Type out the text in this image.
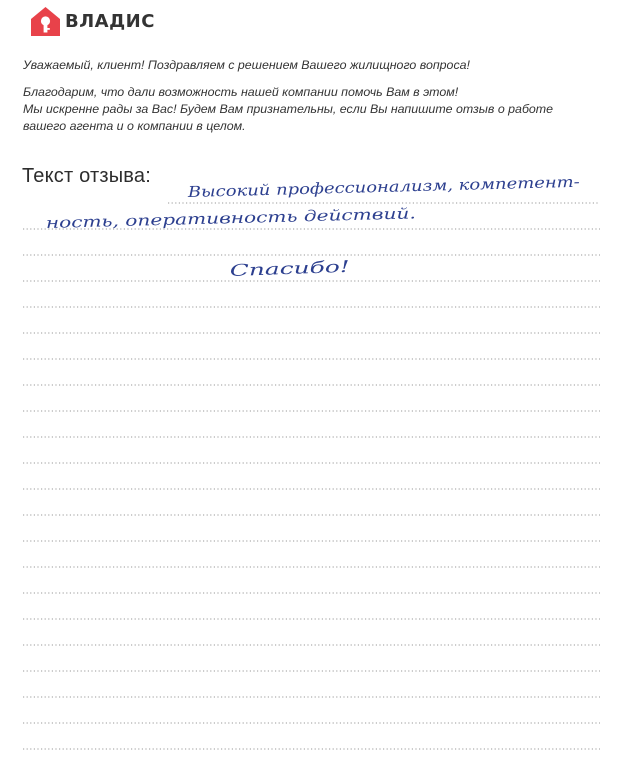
ВЛАДИС
Уважаемый, клиент! Поздравляем с решением Вашего жилищного вопроса!
Благодарим, что дали возможность нашей компании помочь Вам в этом!
Мы искренне рады за Вас! Будем Вам признательны, если Вы напишите отзыв о работе
вашего агента и о компании в целом.
Текст отзыва: Высокий профессионализм, компетент-
ность, оперативность действий.
Спасибо!
